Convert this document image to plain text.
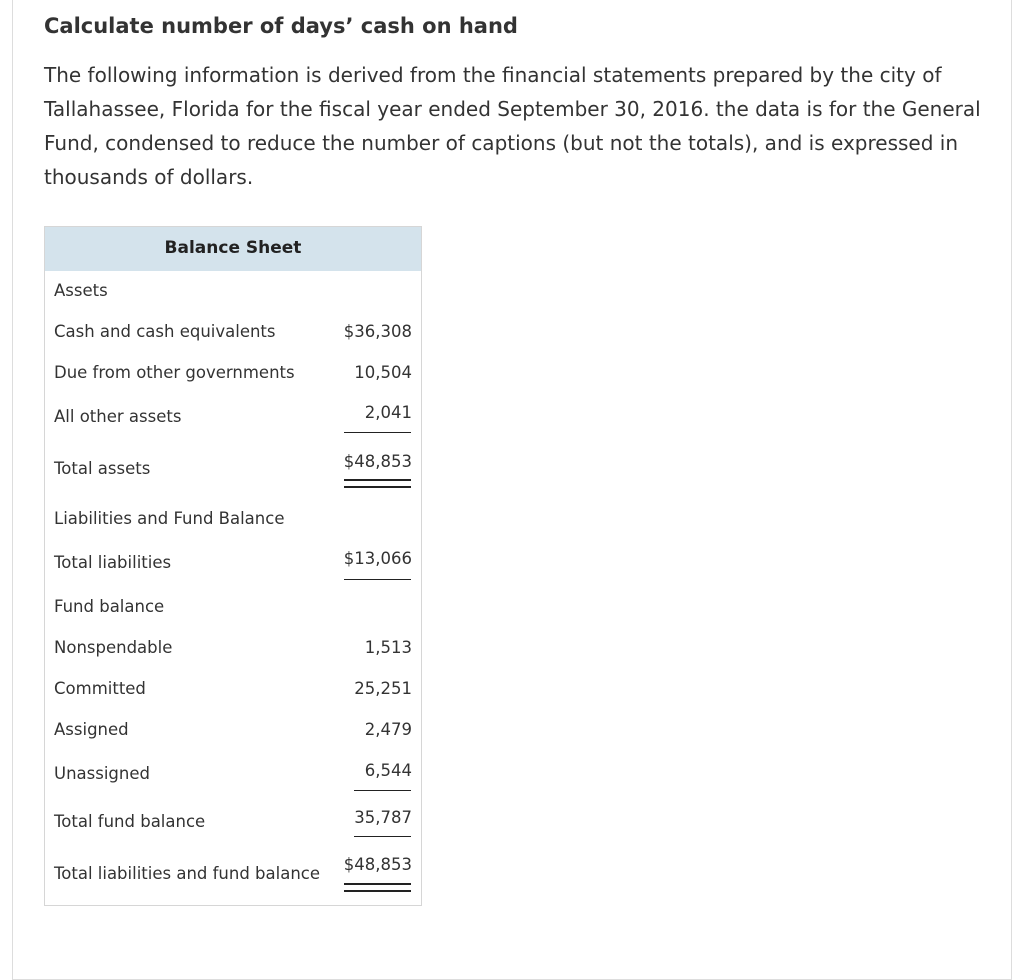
Calculate number of days’ cash on hand

The following information is derived from the financial statements prepared by the city of Tallahassee, Florida for the fiscal year ended September 30, 2016. the data is for the General Fund, condensed to reduce the number of captions (but not the totals), and is expressed in thousands of dollars.

Balance Sheet
Assets
Cash and cash equivalents	$36,308
Due from other governments	10,504
All other assets	2,041
Total assets	$48,853
Liabilities and Fund Balance
Total liabilities	$13,066
Fund balance
Nonspendable	1,513
Committed	25,251
Assigned	2,479
Unassigned	6,544
Total fund balance	35,787
Total liabilities and fund balance $48,853
